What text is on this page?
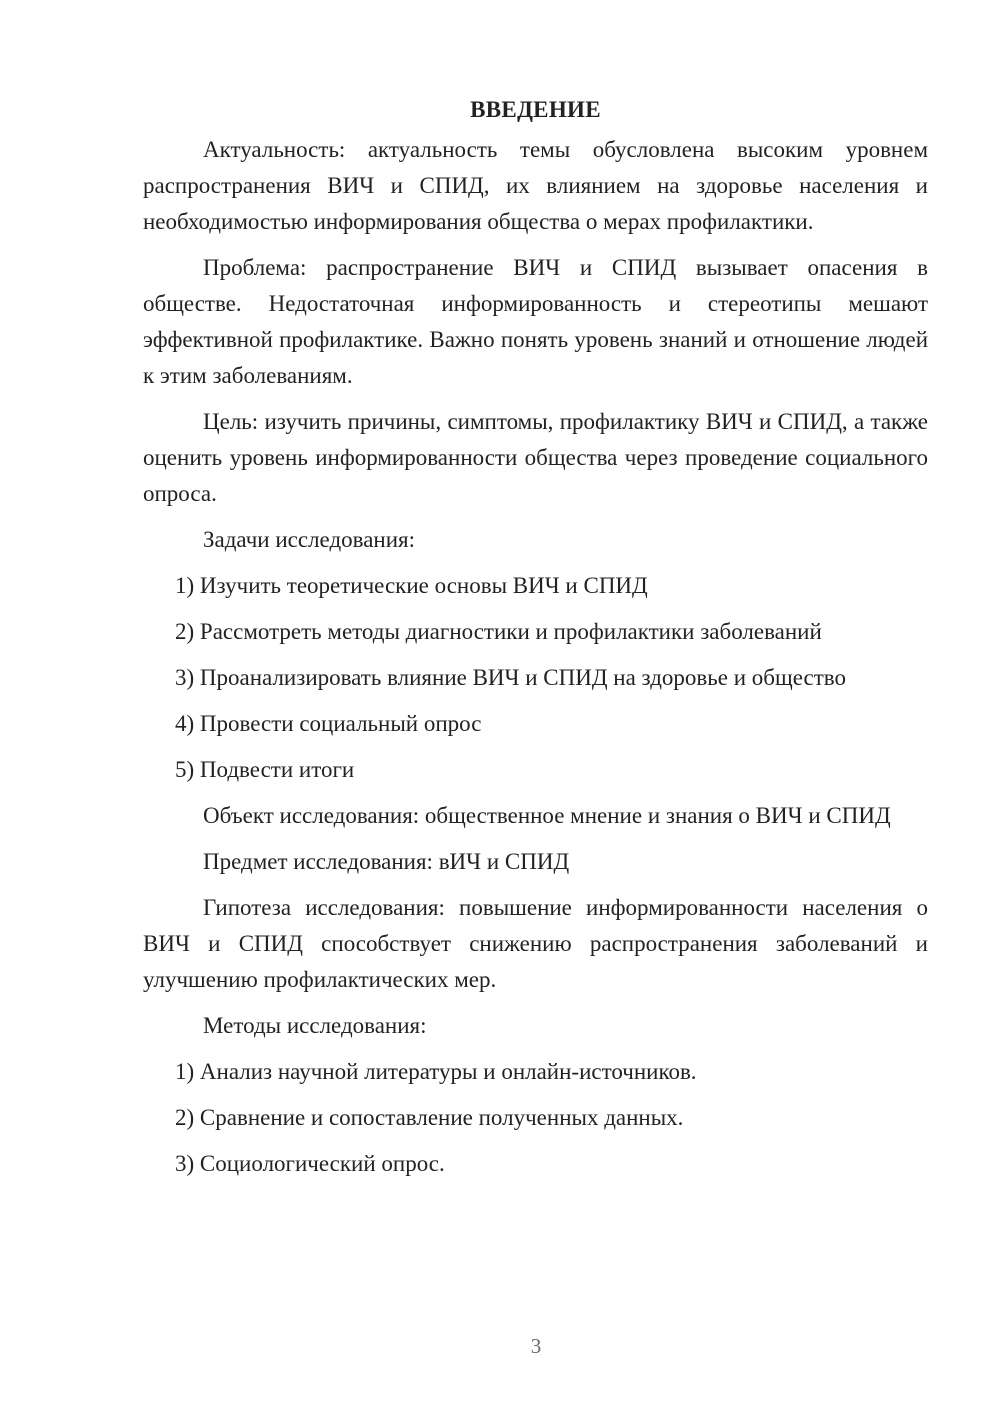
ВВЕДЕНИЕ

Актуальность: актуальность темы обусловлена высоким уровнем распространения ВИЧ и СПИД, их влиянием на здоровье населения и необходимостью информирования общества о мерах профилактики.

Проблема: распространение ВИЧ и СПИД вызывает опасения в обществе. Недостаточная информированность и стереотипы мешают эффективной профилактике. Важно понять уровень знаний и отношение людей к этим заболеваниям.

Цель: изучить причины, симптомы, профилактику ВИЧ и СПИД, а также оценить уровень информированности общества через проведение социального опроса.

Задачи исследования:

1) Изучить теоретические основы ВИЧ и СПИД
2) Рассмотреть методы диагностики и профилактики заболеваний
3) Проанализировать влияние ВИЧ и СПИД на здоровье и общество
4) Провести социальный опрос
5) Подвести итоги

Объект исследования: общественное мнение и знания о ВИЧ и СПИД

Предмет исследования: вИЧ и СПИД

Гипотеза исследования: повышение информированности населения о ВИЧ и СПИД способствует снижению распространения заболеваний и улучшению профилактических мер.

Методы исследования:

1) Анализ научной литературы и онлайн-источников.
2) Сравнение и сопоставление полученных данных.
3) Социологический опрос.
3
